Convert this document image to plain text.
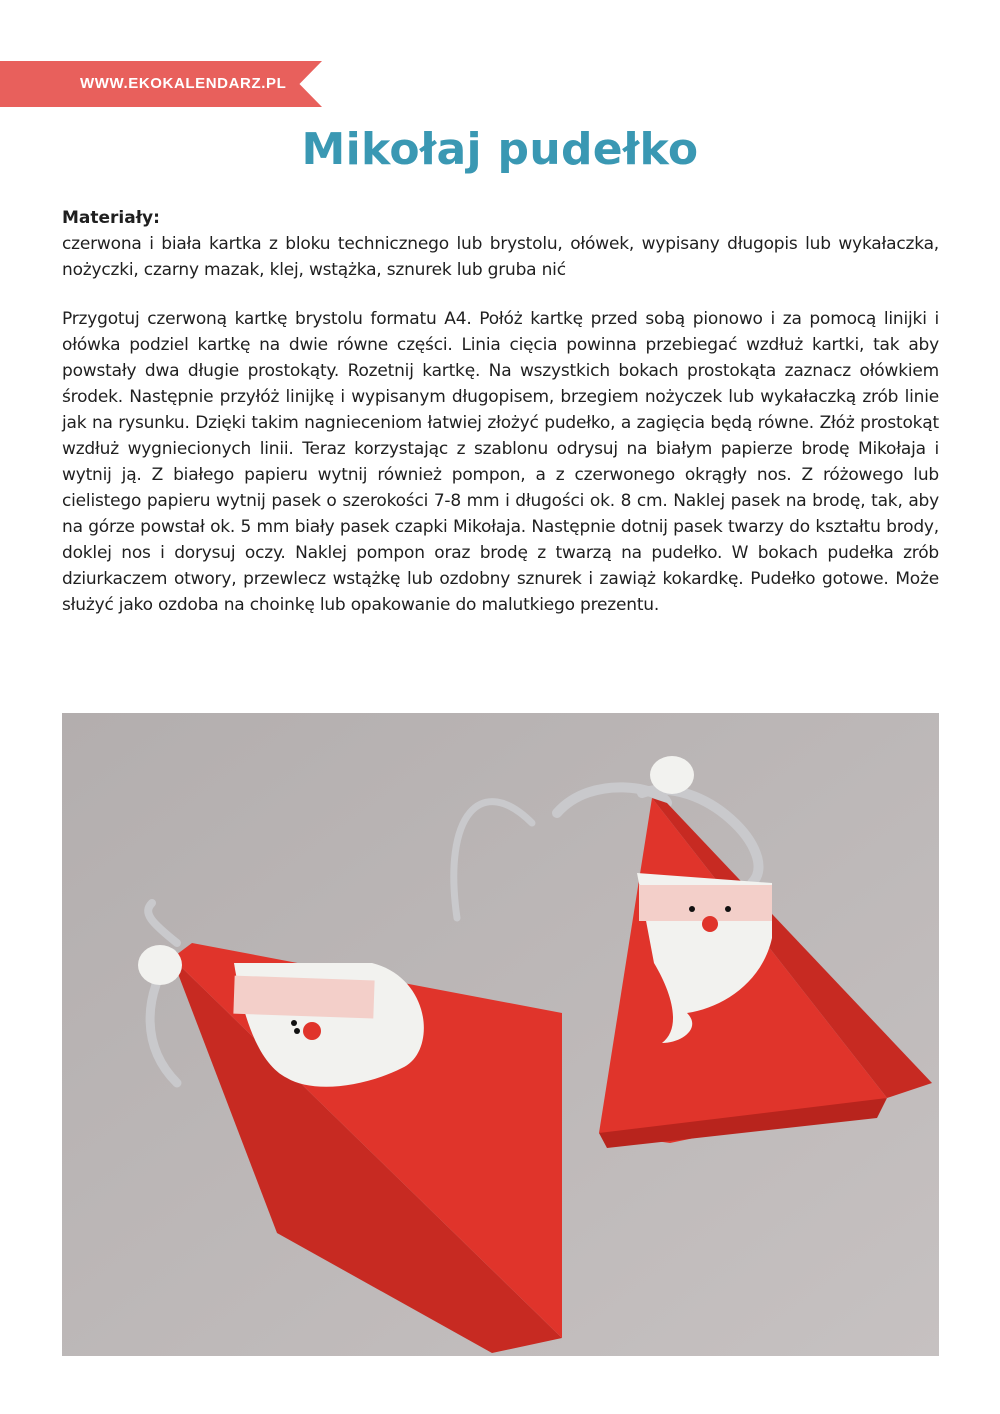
WWW.EKOKALENDARZ.PL
Mikołaj pudełko

Materiały:

czerwona i biała kartka z bloku technicznego lub brystolu, ołówek, wypisany długopis lub wykałaczka, nożyczki, czarny mazak, klej, wstążka, sznurek lub gruba nić

Przygotuj czerwoną kartkę brystolu formatu A4. Połóż kartkę przed sobą pionowo i za pomocą linijki i ołówka podziel kartkę na dwie równe części. Linia cięcia powinna przebiegać wzdłuż kartki, tak aby powstały dwa długie prostokąty. Rozetnij kartkę. Na wszystkich bokach prostokąta zaznacz ołówkiem środek. Następnie przyłóż linijkę i wypisanym długopisem, brzegiem nożyczek lub wykałaczką zrób linie jak na rysunku. Dzięki takim nagnieceniom łatwiej złożyć pudełko, a zagięcia będą równe. Złóż prostokąt wzdłuż wygniecionych linii. Teraz korzystając z szablonu odrysuj na białym papierze brodę Mikołaja i wytnij ją. Z białego papieru wytnij również pompon, a z czerwonego okrągły nos. Z różowego lub cielistego papieru wytnij pasek o szerokości 7-8 mm i długości ok. 8 cm. Naklej pasek na brodę, tak, aby na górze powstał ok. 5 mm biały pasek czapki Mikołaja. Następnie dotnij pasek twarzy do kształtu brody, doklej nos i dorysuj oczy. Naklej pompon oraz brodę z twarzą na pudełko. W bokach pudełka zrób dziurkaczem otwory, przewlecz wstążkę lub ozdobny sznurek i zawiąż kokardkę. Pudełko gotowe. Może służyć jako ozdoba na choinkę lub opakowanie do malutkiego prezentu.
